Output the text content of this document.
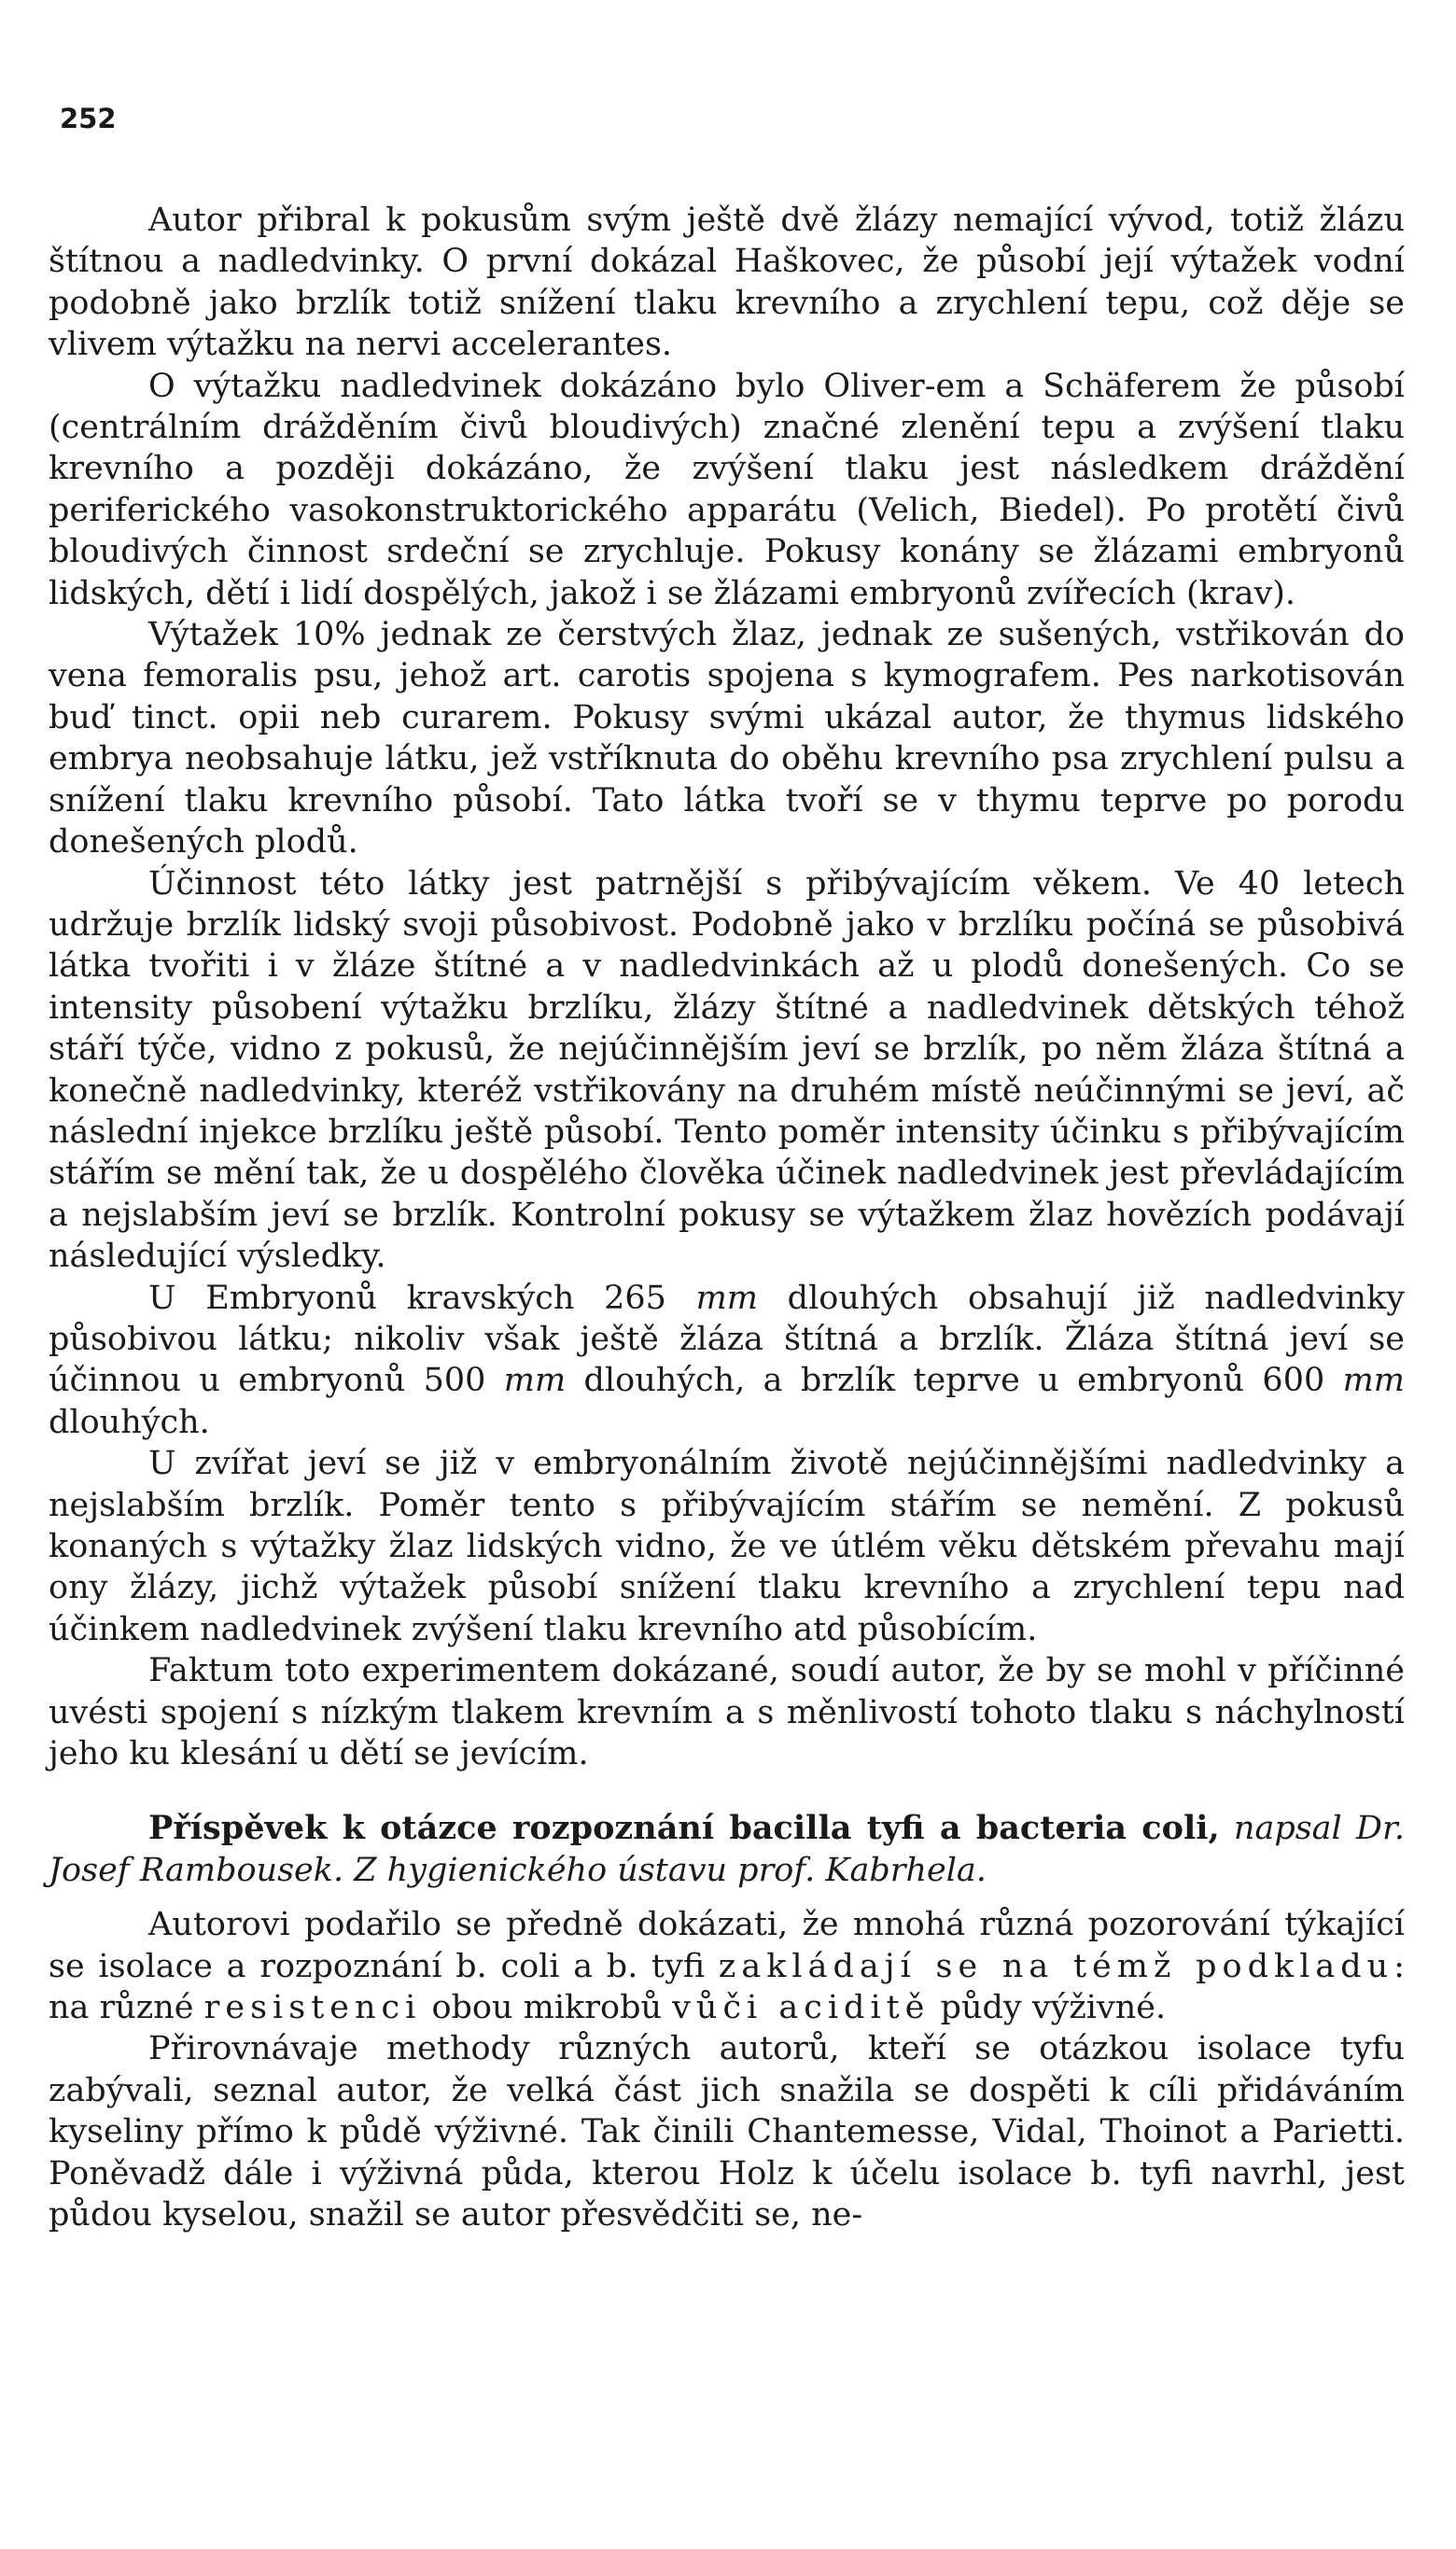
252

Autor přibral k pokusům svým ještě dvě žlázy nemající vývod, totiž žlázu štítnou a nadledvinky. O první dokázal Haškovec, že působí její výtažek vodní podobně jako brzlík totiž snížení tlaku krevního a zrychlení tepu, což děje se vlivem výtažku na nervi accelerantes.

O výtažku nadledvinek dokázáno bylo Oliver-em a Schäferem že působí (centrálním drážděním čivů bloudivých) značné zlenění tepu a zvýšení tlaku krevního a později dokázáno, že zvýšení tlaku jest následkem dráždění periferického vasokonstruktorického apparátu (Velich, Biedel). Po protětí čivů bloudivých činnost srdeční se zrychluje. Pokusy konány se žlázami embryonů lidských, dětí i lidí dospělých, jakož i se žlázami embryonů zvířecích (krav).

Výtažek 10% jednak ze čerstvých žlaz, jednak ze sušených, vstřikován do vena femoralis psu, jehož art. carotis spojena s kymografem. Pes narkotisován buď tinct. opii neb curarem. Pokusy svými ukázal autor, že thymus lidského embrya neobsahuje látku, jež vstříknuta do oběhu krevního psa zrychlení pulsu a snížení tlaku krevního působí. Tato látka tvoří se v thymu teprve po porodu donešených plodů.

Účinnost této látky jest patrnější s přibývajícím věkem. Ve 40 letech udržuje brzlík lidský svoji působivost. Podobně jako v brzlíku počíná se působivá látka tvořiti i v žláze štítné a v nadledvinkách až u plodů donešených. Co se intensity působení výtažku brzlíku, žlázy štítné a nadledvinek dětských téhož stáří týče, vidno z pokusů, že nejúčinnějším jeví se brzlík, po něm žláza štítná a konečně nadledvinky, kteréž vstřikovány na druhém místě neúčinnými se jeví, ač následní injekce brzlíku ještě působí. Tento poměr intensity účinku s přibývajícím stářím se mění tak, že u dospělého člověka účinek nadledvinek jest převládajícím a nejslabším jeví se brzlík. Kontrolní pokusy se výtažkem žlaz hovězích podávají následující výsledky.

U Embryonů kravských 265 mm dlouhých obsahují již nadledvinky působivou látku; nikoliv však ještě žláza štítná a brzlík. Žláza štítná jeví se účinnou u embryonů 500 mm dlouhých, a brzlík teprve u embryonů 600 mm dlouhých.

U zvířat jeví se již v embryonálním životě nejúčinnějšími nadledvinky a nejslabším brzlík. Poměr tento s přibývajícím stářím se nemění. Z pokusů konaných s výtažky žlaz lidských vidno, že ve útlém věku dětském převahu mají ony žlázy, jichž výtažek působí snížení tlaku krevního a zrychlení tepu nad účinkem nadledvinek zvýšení tlaku krevního atd působícím.

Faktum toto experimentem dokázané, soudí autor, že by se mohl v příčinné uvésti spojení s nízkým tlakem krevním a s měnlivostí tohoto tlaku s náchylností jeho ku klesání u dětí se jevícím.

Příspěvek k otázce rozpoznání bacilla tyfi a bacteria coli, napsal Dr. Josef Rambousek. Z hygienického ústavu prof. Kabrhela.

Autorovi podařilo se předně dokázati, že mnohá různá pozorování týkající se isolace a rozpoznání b. coli a b. tyfi zakládají se na témž podkladu: na různé resistenci obou mikrobů vůči aciditě půdy výživné.

Přirovnávaje methody různých autorů, kteří se otázkou isolace tyfu zabývali, seznal autor, že velká část jich snažila se dospěti k cíli přidáváním kyseliny přímo k půdě výživné. Tak činili Chantemesse, Vidal, Thoinot a Parietti. Poněvadž dále i výživná půda, kterou Holz k účelu isolace b. tyfi navrhl, jest půdou kyselou, snažil se autor přesvědčiti se, ne-
